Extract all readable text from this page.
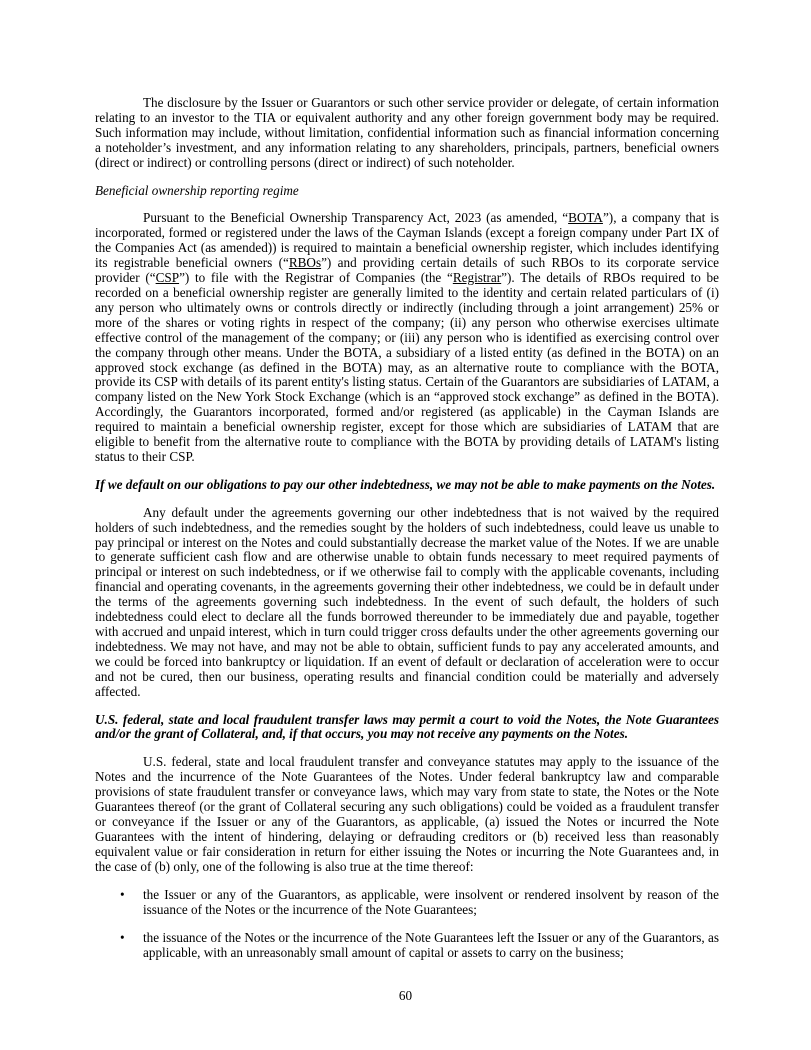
The disclosure by the Issuer or Guarantors or such other service provider or delegate, of certain information relating to an investor to the TIA or equivalent authority and any other foreign government body may be required. Such information may include, without limitation, confidential information such as financial information concerning a noteholder’s investment, and any information relating to any shareholders, principals, partners, beneficial owners (direct or indirect) or controlling persons (direct or indirect) of such noteholder.

Beneficial ownership reporting regime

Pursuant to the Beneficial Ownership Transparency Act, 2023 (as amended, “BOTA”), a company that is incorporated, formed or registered under the laws of the Cayman Islands (except a foreign company under Part IX of the Companies Act (as amended)) is required to maintain a beneficial ownership register, which includes identifying its registrable beneficial owners (“RBOs”) and providing certain details of such RBOs to its corporate service provider (“CSP”) to file with the Registrar of Companies (the “Registrar”). The details of RBOs required to be recorded on a beneficial ownership register are generally limited to the identity and certain related particulars of (i) any person who ultimately owns or controls directly or indirectly (including through a joint arrangement) 25% or more of the shares or voting rights in respect of the company; (ii) any person who otherwise exercises ultimate effective control of the management of the company; or (iii) any person who is identified as exercising control over the company through other means. Under the BOTA, a subsidiary of a listed entity (as defined in the BOTA) on an approved stock exchange (as defined in the BOTA) may, as an alternative route to compliance with the BOTA, provide its CSP with details of its parent entity's listing status. Certain of the Guarantors are subsidiaries of LATAM, a company listed on the New York Stock Exchange (which is an “approved stock exchange” as defined in the BOTA). Accordingly, the Guarantors incorporated, formed and/or registered (as applicable) in the Cayman Islands are required to maintain a beneficial ownership register, except for those which are subsidiaries of LATAM that are eligible to benefit from the alternative route to compliance with the BOTA by providing details of LATAM's listing status to their CSP.

If we default on our obligations to pay our other indebtedness, we may not be able to make payments on the Notes.

Any default under the agreements governing our other indebtedness that is not waived by the required holders of such indebtedness, and the remedies sought by the holders of such indebtedness, could leave us unable to pay principal or interest on the Notes and could substantially decrease the market value of the Notes. If we are unable to generate sufficient cash flow and are otherwise unable to obtain funds necessary to meet required payments of principal or interest on such indebtedness, or if we otherwise fail to comply with the applicable covenants, including financial and operating covenants, in the agreements governing their other indebtedness, we could be in default under the terms of the agreements governing such indebtedness. In the event of such default, the holders of such indebtedness could elect to declare all the funds borrowed thereunder to be immediately due and payable, together with accrued and unpaid interest, which in turn could trigger cross defaults under the other agreements governing our indebtedness. We may not have, and may not be able to obtain, sufficient funds to pay any accelerated amounts, and we could be forced into bankruptcy or liquidation. If an event of default or declaration of acceleration were to occur and not be cured, then our business, operating results and financial condition could be materially and adversely affected.

U.S. federal, state and local fraudulent transfer laws may permit a court to void the Notes, the Note Guarantees and/or the grant of Collateral, and, if that occurs, you may not receive any payments on the Notes.

U.S. federal, state and local fraudulent transfer and conveyance statutes may apply to the issuance of the Notes and the incurrence of the Note Guarantees of the Notes. Under federal bankruptcy law and comparable provisions of state fraudulent transfer or conveyance laws, which may vary from state to state, the Notes or the Note Guarantees thereof (or the grant of Collateral securing any such obligations) could be voided as a fraudulent transfer or conveyance if the Issuer or any of the Guarantors, as applicable, (a) issued the Notes or incurred the Note Guarantees with the intent of hindering, delaying or defrauding creditors or (b) received less than reasonably equivalent value or fair consideration in return for either issuing the Notes or incurring the Note Guarantees and, in the case of (b) only, one of the following is also true at the time thereof:

• the Issuer or any of the Guarantors, as applicable, were insolvent or rendered insolvent by reason of the issuance of the Notes or the incurrence of the Note Guarantees;
• the issuance of the Notes or the incurrence of the Note Guarantees left the Issuer or any of the Guarantors, as applicable, with an unreasonably small amount of capital or assets to carry on the business;
60
